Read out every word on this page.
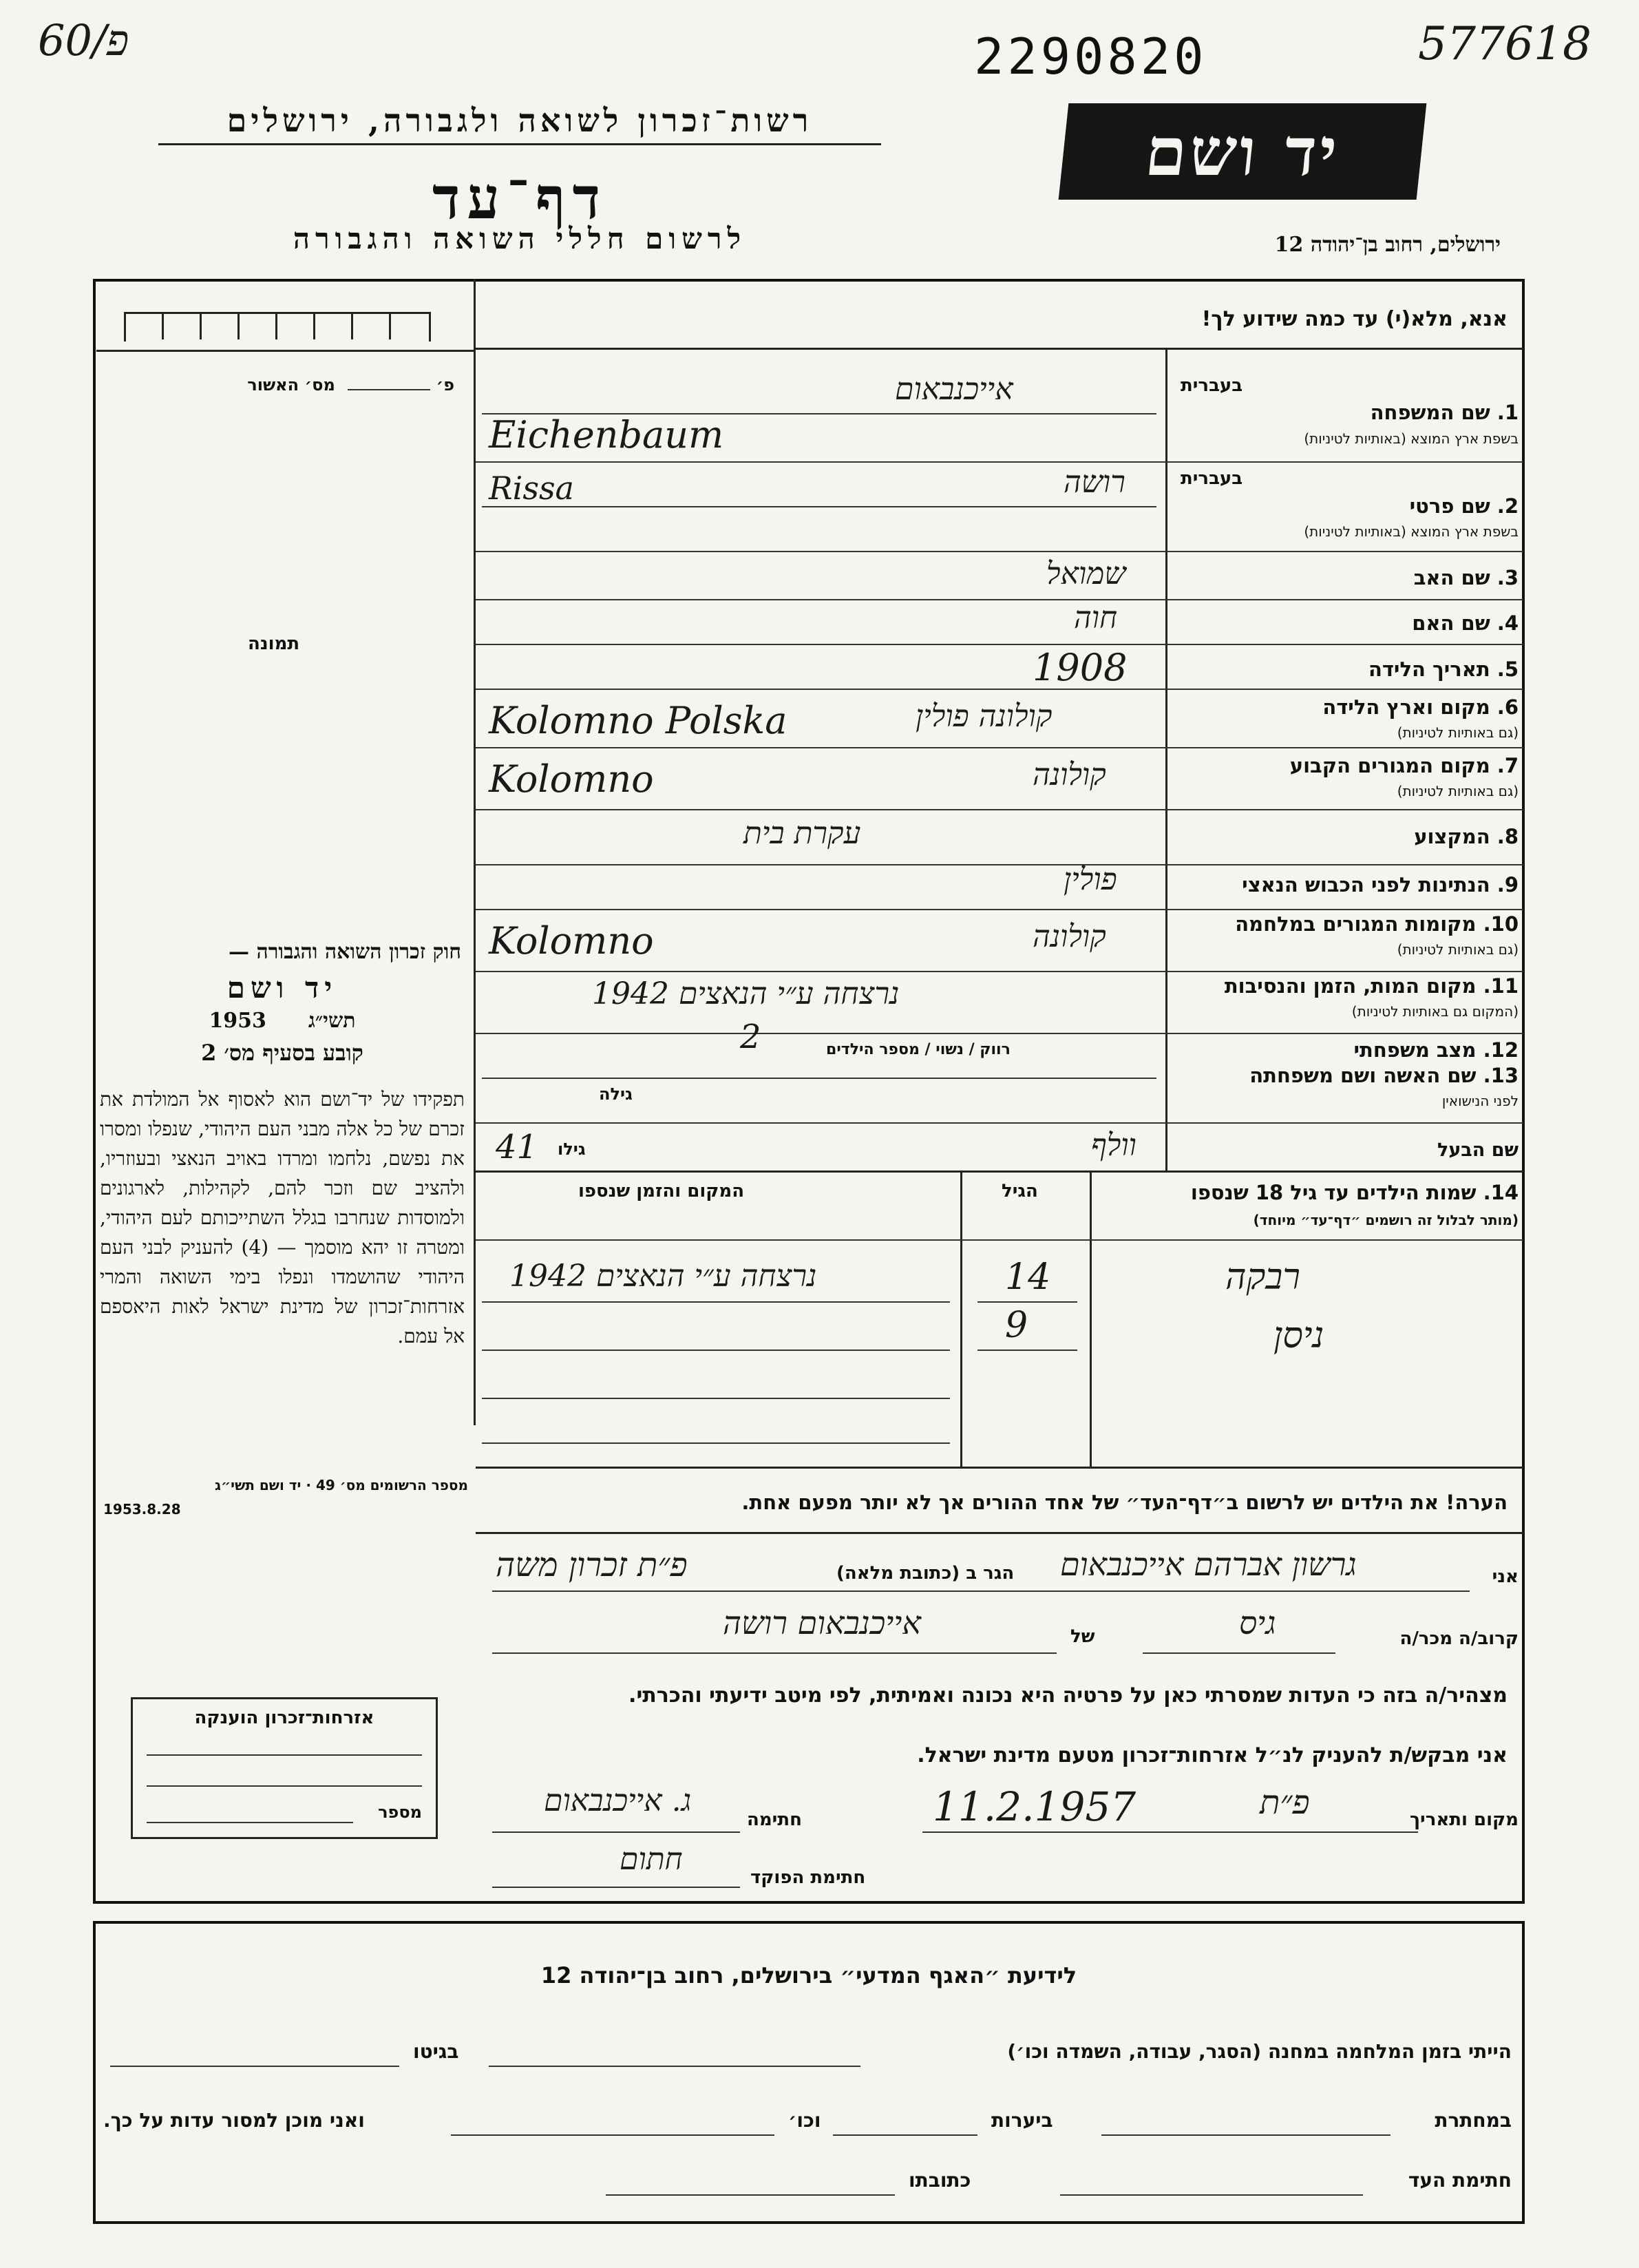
60/פ	2290820	577618
רשות־זכרון לשואה ולגבורה, ירושלים
דף־עד
לרשום חללי השואה והגבורה
יד ושם
ירושלים, רחוב בן־יהודה 12
אנא, מלא(י) עד כמה שידוע לך!
פ׳  מס׳ האשור
תמונה
חוק זכרון השואה והגבורה —
יד ושם
1953 תשי״ג
קובע בסעיף מס׳ 2
תפקידו של יד־ושם הוא לאסוף אל המולדת את זכרם של כל אלה מבני העם היהודי, שנפלו ומסרו את נפשם, נלחמו ומרדו באויב הנאצי ובעוזריו, ולהציב שם וזכר להם, לקהילות, לארגונים ולמוסדות שנחרבו בגלל השתייכותם לעם היהודי, ומטרה זו יהא מוסמך — (4) להעניק לבני העם היהודי שהושמדו ונפלו בימי השואה והמרי אזרחות־זכרון של מדינת ישראל לאות היאספם אל עמם.
מספר הרשומים מס׳ 49 · יד ושם תשי״ג
1953.8.28
בעברית
1. שם המשפחה
בשפת ארץ המוצא (באותיות לטיניות)
אייכנבאום
Eichenbaum
בעברית
2. שם פרטי
בשפת ארץ המוצא (באותיות לטיניות)
רושה
Rissa
3. שם האב
שמואל
4. שם האם
חוה
5. תאריך הלידה
1908
6. מקום וארץ הלידה
(גם באותיות לטיניות)
קולונה פולין
Kolomno Polska
7. מקום המגורים הקבוע
(גם באותיות לטיניות)
קולונה
Kolomno
8. המקצוע
עקרת בית
9. הנתינות לפני הכבוש הנאצי
פולין
10. מקומות המגורים במלחמה
(גם באותיות לטיניות)
קולונה
Kolomno
11. מקום המות, הזמן והנסיבות
(המקום גם באותיות לטיניות)
נרצחה ע״י הנאצים 1942
12. מצב משפחתי
רווק / נשוי / מספר הילדים
2
13. שם האשה ושם משפחתה
לפני הנישואין
גילה
שם הבעל
וולף
גילו
41
14. שמות הילדים עד גיל 18 שנספו
(מותר לבלול זה רושמים ״דף־עד״ מיוחד)
הגיל
המקום והזמן שנספו
רבקה
14
נרצחה ע״י הנאצים 1942
ניסן
9
הערה! את הילדים יש לרשום ב״דף־העד״ של אחד ההורים אך לא יותר מפעם אחת.
אני
גרשון אברהם אייכנבאום
הגר ב (כתובת מלאה)
פ״ת זכרון משה
קרוב/ה מכר/ה
גיס
של
אייכנבאום רושה
מצהיר/ה בזה כי העדות שמסרתי כאן על פרטיה היא נכונה ואמיתית, לפי מיטב ידיעתי והכרתי.
אני מבקש/ת להעניק לנ״ל אזרחות־זכרון מטעם מדינת ישראל.
מקום ותאריך
פ״ת
11.2.1957
חתימה
ג. אייכנבאום
חתימת הפוקד
חתום
אזרחות־זכרון הוענקה
מספר
לידיעת ״האגף המדעי״ בירושלים, רחוב בן־יהודה 12
הייתי בזמן המלחמה במחנה (הסגר, עבודה, השמדה וכו׳)
בגיטו
במחתרת
ביערות
וכו׳
ואני מוכן למסור עדות על כך.
חתימת העד
כתובתו
